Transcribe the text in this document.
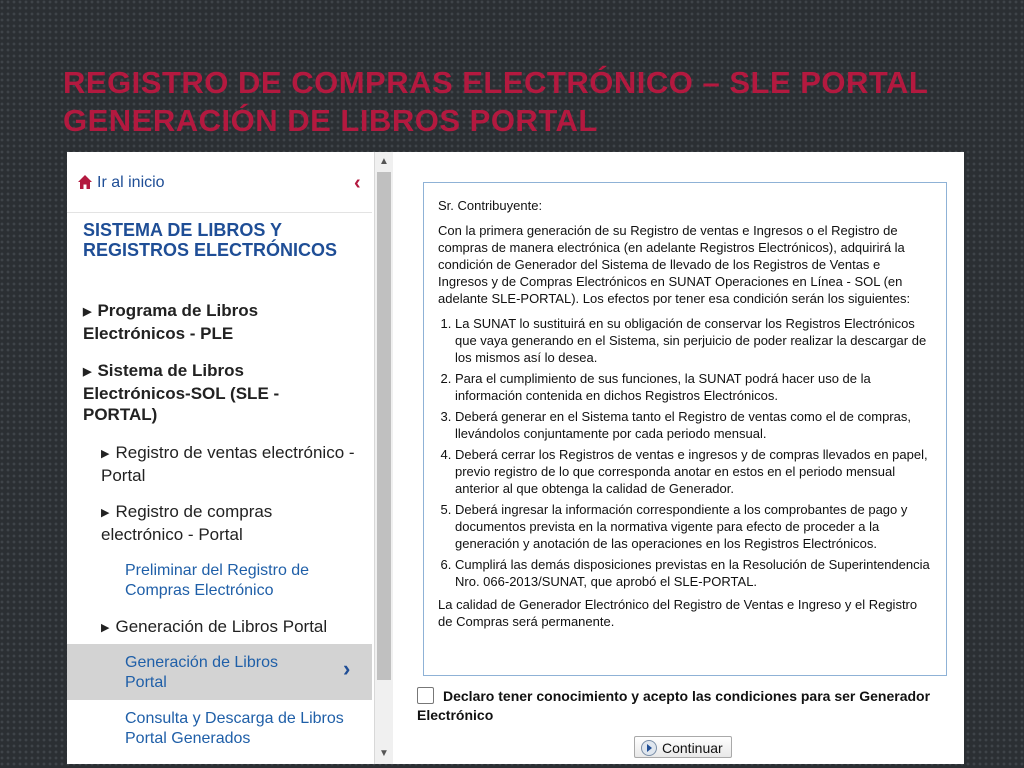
REGISTRO DE COMPRAS ELECTRÓNICO – SLE PORTAL
GENERACIÓN DE LIBROS PORTAL
Ir al inicio	‹
SISTEMA DE LIBROS Y REGISTROS ELECTRÓNICOS
▶ Programa de Libros Electrónicos - PLE
▶ Sistema de Libros Electrónicos-SOL (SLE - PORTAL)
▶ Registro de ventas electrónico - Portal
▶ Registro de compras electrónico - Portal
Preliminar del Registro de Compras Electrónico
▶ Generación de Libros Portal
Generación de Libros Portal
›
Consulta y Descarga de Libros Portal Generados
▲
▼

Sr. Contribuyente:

Con la primera generación de su Registro de ventas e Ingresos o el Registro de compras de manera electrónica (en adelante Registros Electrónicos), adquirirá la condición de Generador del Sistema de llevado de los Registros de Ventas e Ingresos y de Compras Electrónicos en SUNAT Operaciones en Línea - SOL (en adelante SLE-PORTAL). Los efectos por tener esa condición serán los siguientes:

1. La SUNAT lo sustituirá en su obligación de conservar los Registros Electrónicos que vaya generando en el Sistema, sin perjuicio de poder realizar la descargar de los mismos así lo desea.
2. Para el cumplimiento de sus funciones, la SUNAT podrá hacer uso de la información contenida en dichos Registros Electrónicos.
3. Deberá generar en el Sistema tanto el Registro de ventas como el de compras, llevándolos conjuntamente por cada periodo mensual.
4. Deberá cerrar los Registros de ventas e ingresos y de compras llevados en papel, previo registro de lo que corresponda anotar en estos en el periodo mensual anterior al que obtenga la calidad de Generador.
5. Deberá ingresar la información correspondiente a los comprobantes de pago y documentos prevista en la normativa vigente para efecto de proceder a la generación y anotación de las operaciones en los Registros Electrónicos.
6. Cumplirá las demás disposiciones previstas en la Resolución de Superintendencia Nro. 066-2013/SUNAT, que aprobó el SLE-PORTAL.

La calidad de Generador Electrónico del Registro de Ventas e Ingreso y el Registro de Compras será permanente.

Declaro tener conocimiento y acepto las condiciones para ser Generador Electrónico
Continuar
